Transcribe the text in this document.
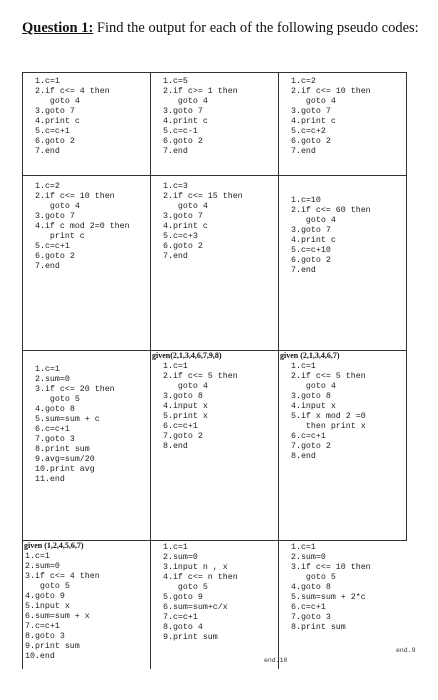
Question 1: Find the output for each of the following pseudo codes:
1.c=1
2.if c<= 4 then
goto 4
3.goto 7
4.print c
5.c=c+1
6.goto 2
7.end
1.c=5
2.if c>= 1 then
goto 4
3.goto 7
4.print c
5.c=c-1
6.goto 2
7.end
1.c=2
2.if c<= 10 then
goto 4
3.goto 7
4.print c
5.c=c+2
6.goto 2
7.end
1.c=2
2.if c<= 10 then
goto 4
3.goto 7
4.if c mod 2=0 then
print c
5.c=c+1
6.goto 2
7.end
1.c=3
2.if c<= 15 then
goto 4
3.goto 7
4.print c
5.c=c+3
6.goto 2
7.end
1.c=10
2.if c<= 60 then
goto 4
3.goto 7
4.print c
5.c=c+10
6.goto 2
7.end
1.c=1
2.sum=0
3.if c<= 20 then
goto 5
4.goto 8
5.sum=sum + c
6.c=c+1
7.goto 3
8.print sum
9.avg=sum/20
10.print avg
11.end
given(2,1,3,4,6,7,9,8)
1.c=1
2.if c<= 5 then
goto 4
3.goto 8
4.input x
5.print x
6.c=c+1
7.goto 2
8.end
given (2,1,3,4,6,7)
1.c=1
2.if c<= 5 then
goto 4
3.goto 8
4.input x
5.if x mod 2 =0
then print x
6.c=c+1
7.goto 2
8.end
given (1,2,4,5,6,7)
1.c=1
2.sum=0
3.if c<= 4 then
goto 5
4.goto 9
5.input x
6.sum=sum + x
7.c=c+1
8.goto 3
9.print sum
10.end
1.c=1
2.sum=0
3.input n , x
4.if c<= n then
goto 5
5.goto 9
6.sum=sum+c/x
7.c=c+1
8.goto 4
9.print sum
1.c=1
2.sum=0
3.if c<= 10 then
goto 5
4.goto 8
5.sum=sum + 2*c
6.c=c+1
7.goto 3
8.print sum
end.10
end.9
